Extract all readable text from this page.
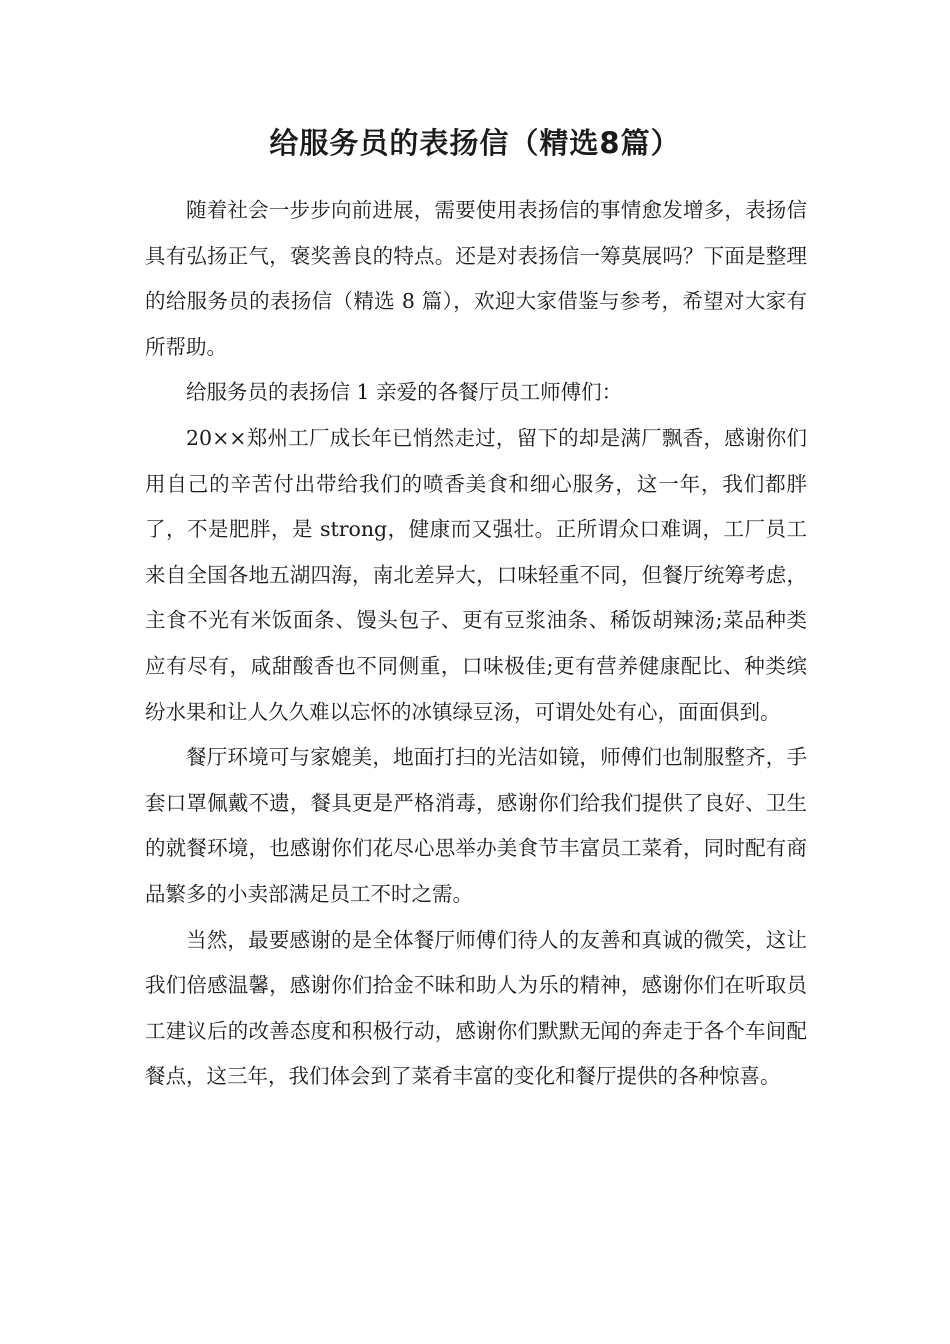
给服务员的表扬信（精选8篇）

随着社会一步步向前进展，需要使用表扬信的事情愈发增多，表扬信具有弘扬正气，褒奖善良的特点。还是对表扬信一筹莫展吗？下面是整理的给服务员的表扬信（精选 8 篇），欢迎大家借鉴与参考，希望对大家有所帮助。

给服务员的表扬信 1 亲爱的各餐厅员工师傅们：

20××郑州工厂成长年已悄然走过，留下的却是满厂飘香，感谢你们用自己的辛苦付出带给我们的喷香美食和细心服务，这一年，我们都胖了，不是肥胖，是 strong，健康而又强壮。正所谓众口难调，工厂员工来自全国各地五湖四海，南北差异大，口味轻重不同，但餐厅统筹考虑，主食不光有米饭面条、馒头包子、更有豆浆油条、稀饭胡辣汤;菜品种类应有尽有，咸甜酸香也不同侧重，口味极佳;更有营养健康配比、种类缤纷水果和让人久久难以忘怀的冰镇绿豆汤，可谓处处有心，面面俱到。

餐厅环境可与家媲美，地面打扫的光洁如镜，师傅们也制服整齐，手套口罩佩戴不遗，餐具更是严格消毒，感谢你们给我们提供了良好、卫生的就餐环境，也感谢你们花尽心思举办美食节丰富员工菜肴，同时配有商品繁多的小卖部满足员工不时之需。

当然，最要感谢的是全体餐厅师傅们待人的友善和真诚的微笑，这让我们倍感温馨，感谢你们拾金不昧和助人为乐的精神，感谢你们在听取员工建议后的改善态度和积极行动，感谢你们默默无闻的奔走于各个车间配餐点，这三年，我们体会到了菜肴丰富的变化和餐厅提供的各种惊喜。
